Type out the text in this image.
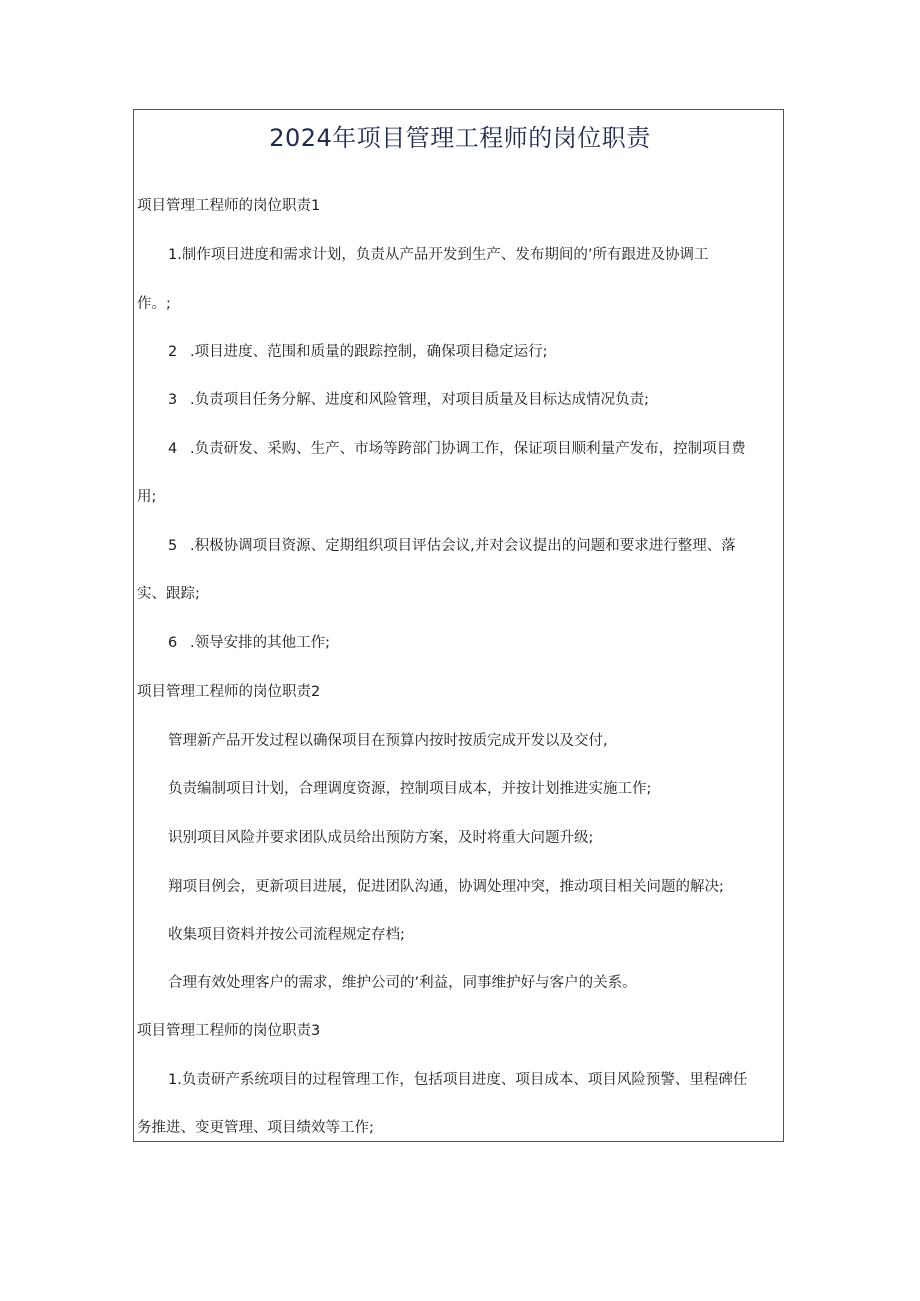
2024年项目管理工程师的岗位职责
项目管理工程师的岗位职责1
1.制作项目进度和需求计划，负责从产品开发到生产、发布期间的’所有跟进及协调工
作。;
2 .项目进度、范围和质量的跟踪控制，确保项目稳定运行;
3 .负责项目任务分解、进度和风险管理，对项目质量及目标达成情况负责;
4 .负责研发、采购、生产、市场等跨部门协调工作，保证项目顺利量产发布，控制项目费
用;
5 .积极协调项目资源、定期组织项目评估会议,并对会议提出的问题和要求进行整理、落
实、跟踪;
6 .领导安排的其他工作;
项目管理工程师的岗位职责2
管理新产品开发过程以确保项目在预算内按时按质完成开发以及交付,
负责编制项目计划，合理调度资源，控制项目成本，并按计划推进实施工作;
识别项目风险并要求团队成员给出预防方案，及时将重大问题升级;
翔项目例会，更新项目进展，促进团队沟通，协调处理冲突，推动项目相关问题的解决;
收集项目资料并按公司流程规定存档;
合理有效处理客户的需求，维护公司的’利益，同事维护好与客户的关系。
项目管理工程师的岗位职责3
1.负责研产系统项目的过程管理工作，包括项目进度、项目成本、项目风险预警、里程碑任
务推进、变更管理、项目绩效等工作;
